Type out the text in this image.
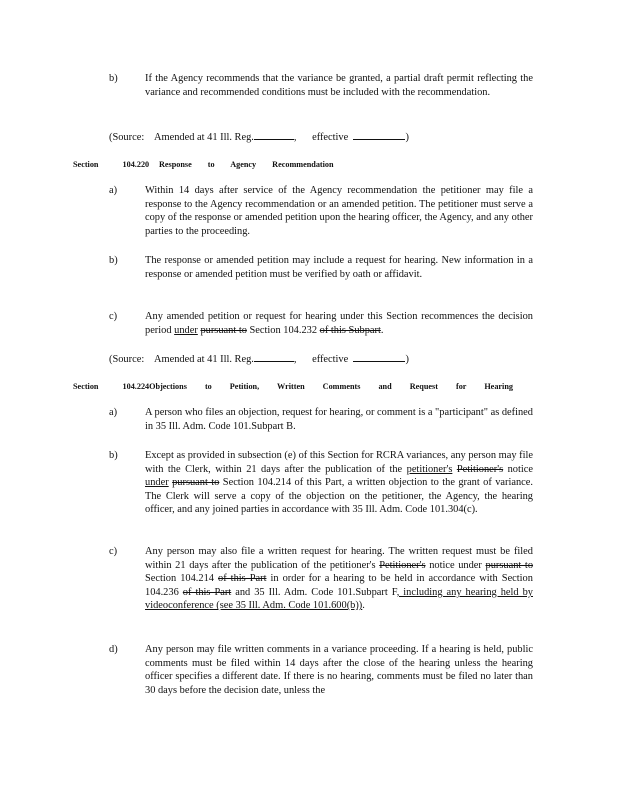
b)	If the Agency recommends that the variance be granted, a partial draft permit reflecting the variance and recommended conditions must be included with the recommendation.
(Source: Amended at 41 Ill. Reg.	, effective	)
Section 104.220	Response to Agency Recommendation
a)	Within 14 days after service of the Agency recommendation the petitioner may file a response to the Agency recommendation or an amended petition. The petitioner must serve a copy of the response or amended petition upon the hearing officer, the Agency, and any other parties to the proceeding.
b)	The response or amended petition may include a request for hearing. New information in a response or amended petition must be verified by oath or affidavit.
c)	Any amended petition or request for hearing under this Section recommences the decision period under pursuant to Section 104.232 of this Subpart.
(Source: Amended at 41 Ill. Reg.	, effective	)
Section 104.224 Objections to Petition, Written Comments and Request for Hearing
a)	A person who files an objection, request for hearing, or comment is a "participant" as defined in 35 Ill. Adm. Code 101.Subpart B.
b)	Except as provided in subsection (e) of this Section for RCRA variances, any person may file with the Clerk, within 21 days after the publication of the petitioner's Petitioner's notice under pursuant to Section 104.214 of this Part, a written objection to the grant of variance. The Clerk will serve a copy of the objection on the petitioner, the Agency, the hearing officer, and any joined parties in accordance with 35 Ill. Adm. Code 101.304(c).
c)	Any person may also file a written request for hearing. The written request must be filed within 21 days after the publication of the petitioner's Petitioner's notice under pursuant to Section 104.214 of this Part in order for a hearing to be held in accordance with Section 104.236 of this Part and 35 Ill. Adm. Code 101.Subpart F, including any hearing held by videoconference (see 35 Ill. Adm. Code 101.600(b)).
d)	Any person may file written comments in a variance proceeding. If a hearing is held, public comments must be filed within 14 days after the close of the hearing unless the hearing officer specifies a different date. If there is no hearing, comments must be filed no later than 30 days before the decision date, unless the
